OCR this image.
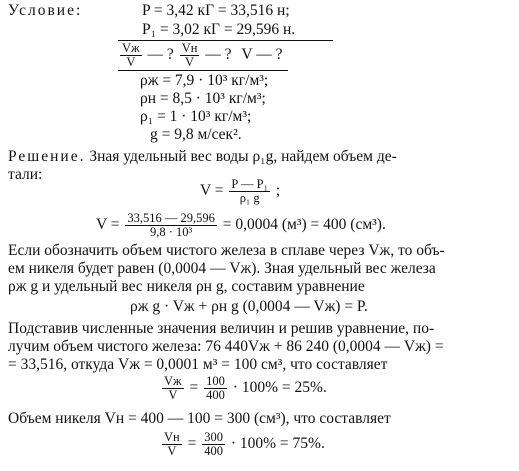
Условие:	P = 3,42 кГ = 33,516 н;
P₁ = 3,02 кГ = 29,596 н.
$\frac{Vж}{V}$ — ? $\frac{Vн}{V}$ — ? V — ?
ρж = 7,9 · 10³ кг/м³;
ρн = 8,5 · 10³ кг/м³;
ρ₁ = 1 · 10³ кг/м³;
g = 9,8 м/сек².
Решение. Зная удельный вес воды ρ₁g, найдем объем де-
тали:
$V = \frac{\text{P — P₁}}{\text{ρ₁ g}}$ ;
$V = \frac{33,516 — 29,596}{\text{9,8 · 10³}} = 0,0004$ (м³) = 400 (см³).
Если обозначить объем чистого железа в сплаве через Vж, то объ-
ем никеля будет равен (0,0004 — Vж). Зная удельный вес железа
ρж g и удельный вес никеля ρн g, составим уравнение
ρж g · Vж + ρн g (0,0004 — Vж) = P.
Подставив численные значения величин и решив уравнение, по-
лучим объем чистого железа: 76 440Vж + 86 240 (0,0004 — Vж) =
= 33,516, откуда Vж = 0,0001 м³ = 100 см³, что составляет
$\frac{Vж}{V} = \frac{100}{400} \cdot 100\% = 25\%$.
Объем никеля Vн = 400 — 100 = 300 (см³), что составляет
$\frac{Vн}{V} = \frac{300}{400} \cdot 100\% = 75\%$.
